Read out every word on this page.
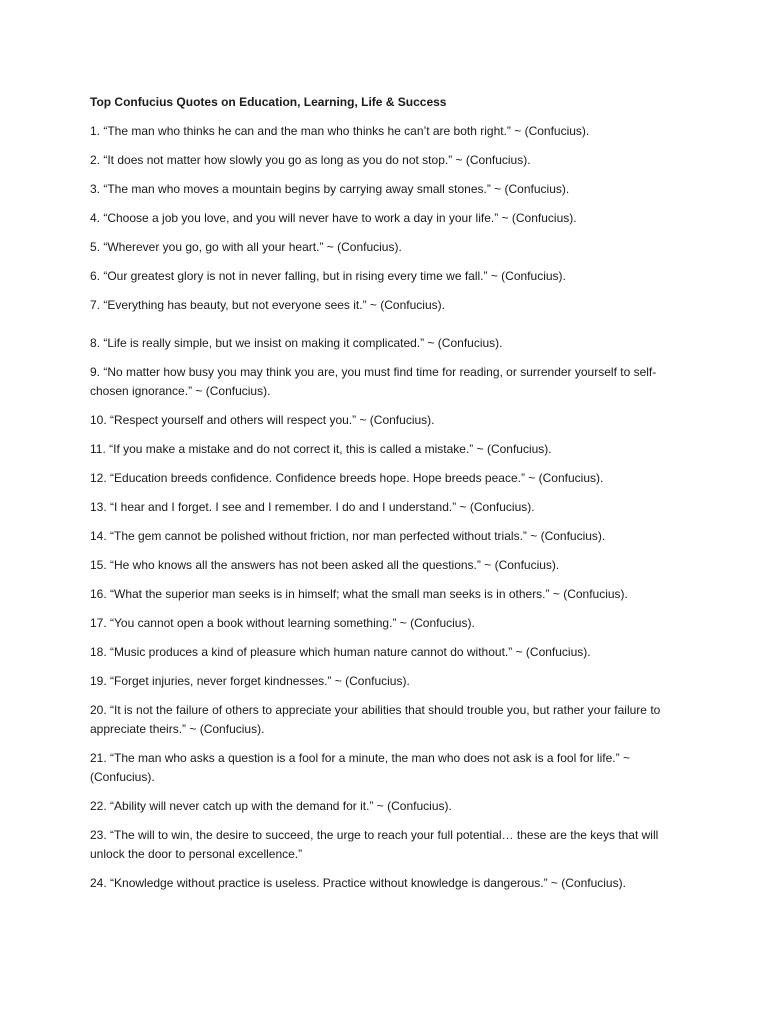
Top Confucius Quotes on Education, Learning, Life & Success

1. “The man who thinks he can and the man who thinks he can’t are both right.” ~ (Confucius).

2. “It does not matter how slowly you go as long as you do not stop.” ~ (Confucius).

3. “The man who moves a mountain begins by carrying away small stones.” ~ (Confucius).

4. “Choose a job you love, and you will never have to work a day in your life.” ~ (Confucius).

5. “Wherever you go, go with all your heart.” ~ (Confucius).

6. “Our greatest glory is not in never falling, but in rising every time we fall.” ~ (Confucius).

7. “Everything has beauty, but not everyone sees it.” ~ (Confucius).

8. “Life is really simple, but we insist on making it complicated.” ~ (Confucius).

9. “No matter how busy you may think you are, you must find time for reading, or surrender yourself to self-chosen ignorance.” ~ (Confucius).

10. “Respect yourself and others will respect you.” ~ (Confucius).

11. “If you make a mistake and do not correct it, this is called a mistake.” ~ (Confucius).

12. “Education breeds confidence. Confidence breeds hope. Hope breeds peace.” ~ (Confucius).

13. “I hear and I forget. I see and I remember. I do and I understand.” ~ (Confucius).

14. “The gem cannot be polished without friction, nor man perfected without trials.” ~ (Confucius).

15. “He who knows all the answers has not been asked all the questions.” ~ (Confucius).

16. “What the superior man seeks is in himself; what the small man seeks is in others.” ~ (Confucius).

17. “You cannot open a book without learning something.” ~ (Confucius).

18. “Music produces a kind of pleasure which human nature cannot do without.” ~ (Confucius).

19. “Forget injuries, never forget kindnesses.” ~ (Confucius).

20. “It is not the failure of others to appreciate your abilities that should trouble you, but rather your failure to appreciate theirs.” ~ (Confucius).

21. “The man who asks a question is a fool for a minute, the man who does not ask is a fool for life.” ~ (Confucius).

22. “Ability will never catch up with the demand for it.” ~ (Confucius).

23. “The will to win, the desire to succeed, the urge to reach your full potential… these are the keys that will unlock the door to personal excellence.”

24. “Knowledge without practice is useless. Practice without knowledge is dangerous.” ~ (Confucius).
